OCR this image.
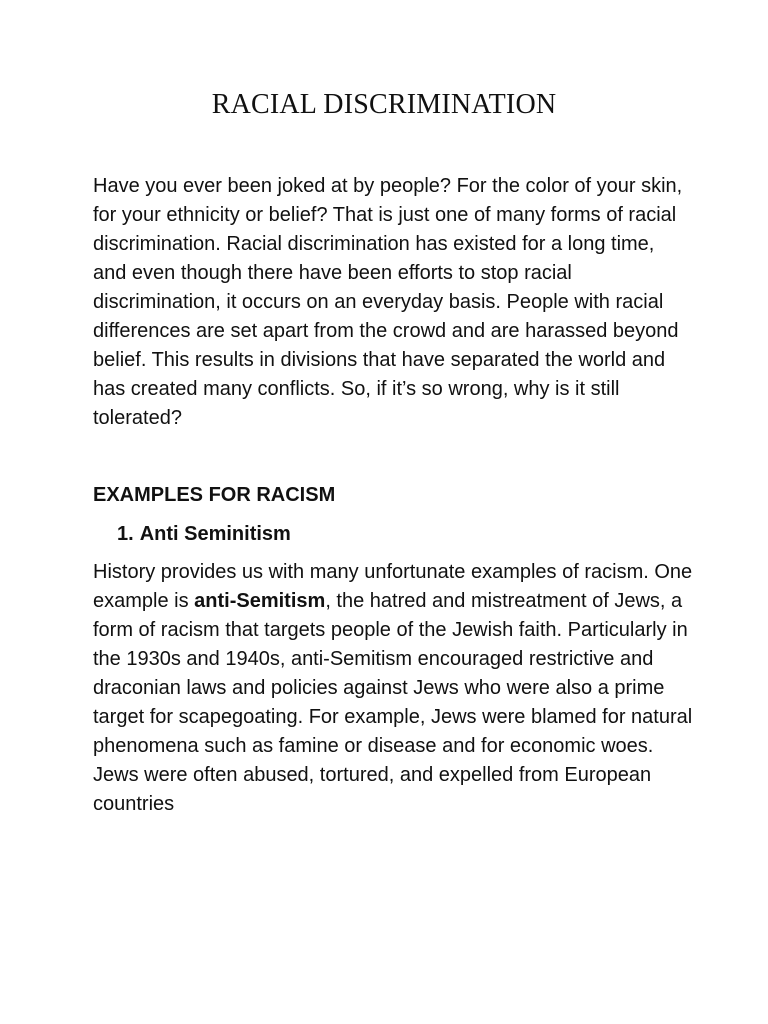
RACIAL DISCRIMINATION

Have you ever been joked at by people? For the color of your skin, for your ethnicity or belief? That is just one of many forms of racial discrimination. Racial discrimination has existed for a long time, and even though there have been efforts to stop racial discrimination, it occurs on an everyday basis. People with racial differences are set apart from the crowd and are harassed beyond belief. This results in divisions that have separated the world and has created many conflicts. So, if it’s so wrong, why is it still tolerated?

EXAMPLES FOR RACISM

1. Anti Seminitism

History provides us with many unfortunate examples of racism. One example is anti-Semitism, the hatred and mistreatment of Jews, a form of racism that targets people of the Jewish faith. Particularly in the 1930s and 1940s, anti-Semitism encouraged restrictive and draconian laws and policies against Jews who were also a prime target for scapegoating. For example, Jews were blamed for natural phenomena such as famine or disease and for economic woes. Jews were often abused, tortured, and expelled from European countries
